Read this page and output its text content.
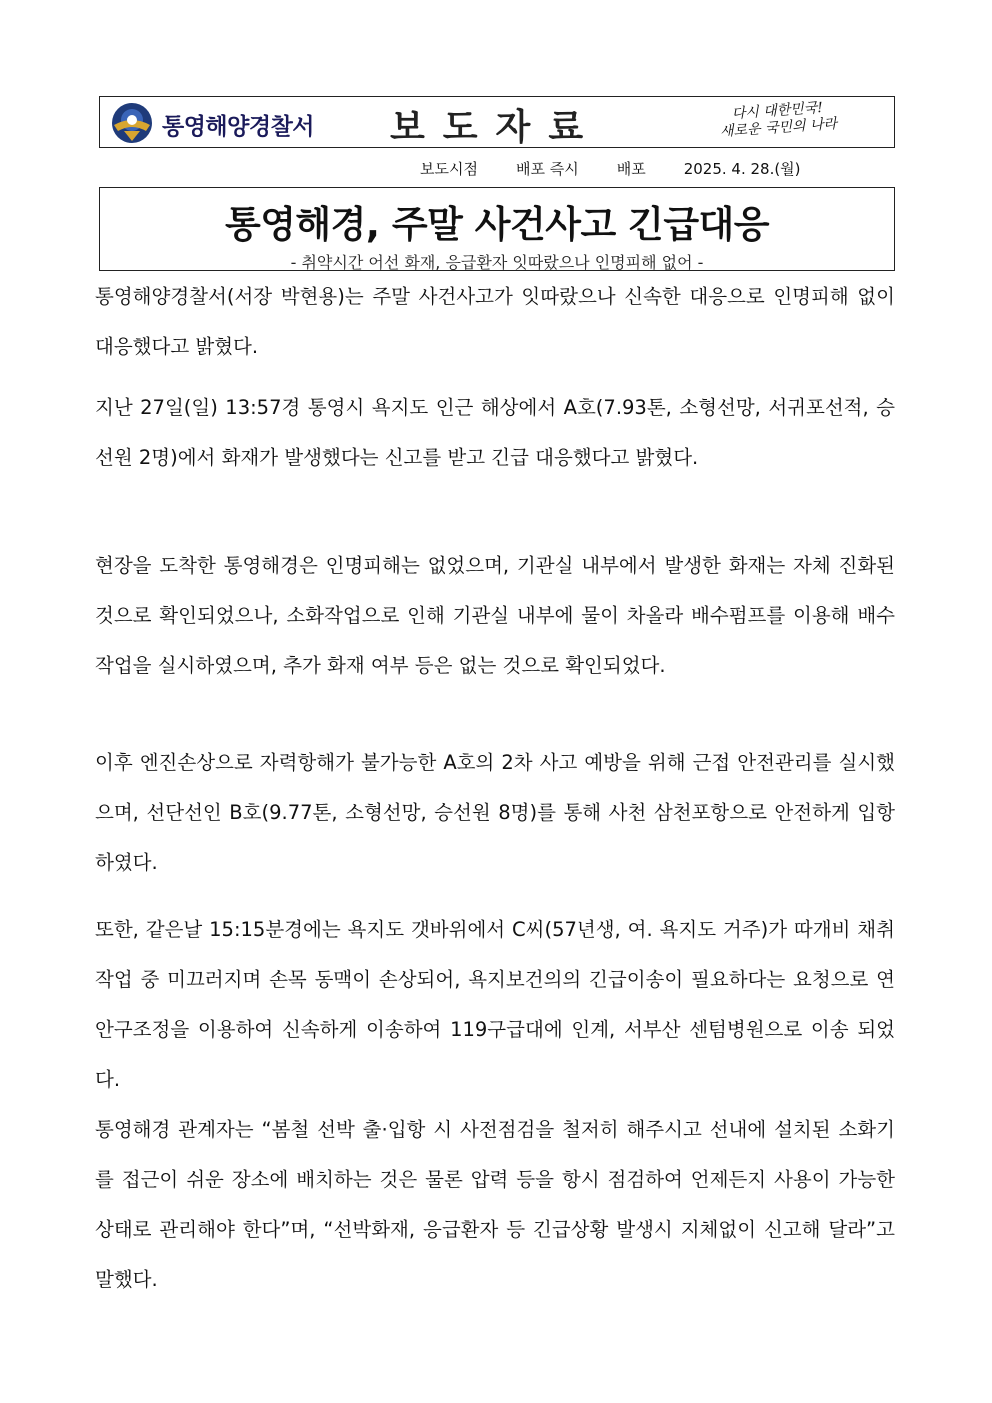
통영해양경찰서 보도자료	다시 대한민국!
새로운 국민의 나라
보도시점	배포 즉시	배포	2025. 4. 28.(월)
통영해경, 주말 사건사고 긴급대응
- 취약시간 어선 화재, 응급환자 잇따랐으나 인명피해 없어 -

통영해양경찰서(서장 박현용)는 주말 사건사고가 잇따랐으나 신속한 대응으로 인명피해 없이 대응했다고 밝혔다.

지난 27일(일) 13:57경 통영시 욕지도 인근 해상에서 A호(7.93톤, 소형선망, 서귀포선적, 승선원 2명)에서 화재가 발생했다는 신고를 받고 긴급 대응했다고 밝혔다.

현장을 도착한 통영해경은 인명피해는 없었으며, 기관실 내부에서 발생한 화재는 자체 진화된 것으로 확인되었으나, 소화작업으로 인해 기관실 내부에 물이 차올라 배수펌프를 이용해 배수작업을 실시하였으며, 추가 화재 여부 등은 없는 것으로 확인되었다.

이후 엔진손상으로 자력항해가 불가능한 A호의 2차 사고 예방을 위해 근접 안전관리를 실시했으며, 선단선인 B호(9.77톤, 소형선망, 승선원 8명)를 통해 사천 삼천포항으로 안전하게 입항하였다.

또한, 같은날 15:15분경에는 욕지도 갯바위에서 C씨(57년생, 여. 욕지도 거주)가 따개비 채취작업 중 미끄러지며 손목 동맥이 손상되어, 욕지보건의의 긴급이송이 필요하다는 요청으로 연안구조정을 이용하여 신속하게 이송하여 119구급대에 인계, 서부산 센텀병원으로 이송 되었다.

통영해경 관계자는 “봄철 선박 출·입항 시 사전점검을 철저히 해주시고 선내에 설치된 소화기를 접근이 쉬운 장소에 배치하는 것은 물론 압력 등을 항시 점검하여 언제든지 사용이 가능한 상태로 관리해야 한다”며, “선박화재, 응급환자 등 긴급상황 발생시 지체없이 신고해 달라”고 말했다.
